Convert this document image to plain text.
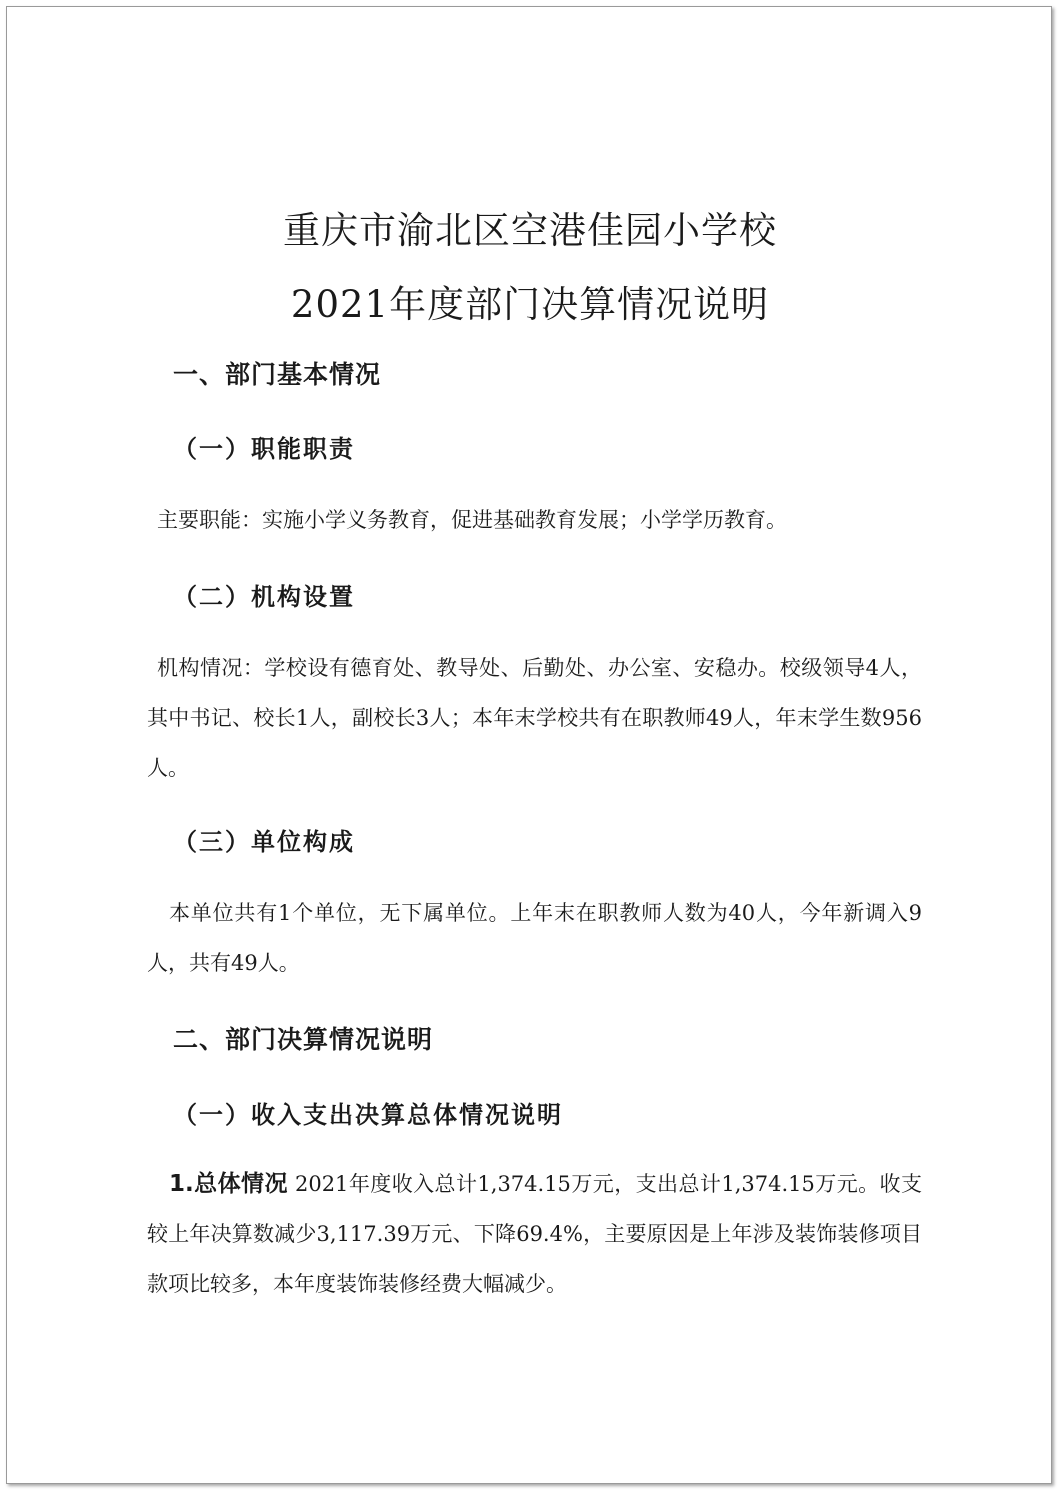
重庆市渝北区空港佳园小学校
2021年度部门决算情况说明
一、部门基本情况
（一）职能职责

主要职能：实施小学义务教育，促进基础教育发展；小学学历教育。

（二）机构设置

机构情况：学校设有德育处、教导处、后勤处、办公室、安稳办。校级领导4人，其中书记、校长1人，副校长3人；本年末学校共有在职教师49人，年末学生数956人。

（三）单位构成

本单位共有1个单位，无下属单位。上年末在职教师人数为40人，今年新调入9人，共有49人。

二、部门决算情况说明
（一）收入支出决算总体情况说明

1.总体情况 2021年度收入总计1,374.15万元，支出总计1,374.15万元。收支较上年决算数减少3,117.39万元、下降69.4%，主要原因是上年涉及装饰装修项目款项比较多，本年度装饰装修经费大幅减少。
